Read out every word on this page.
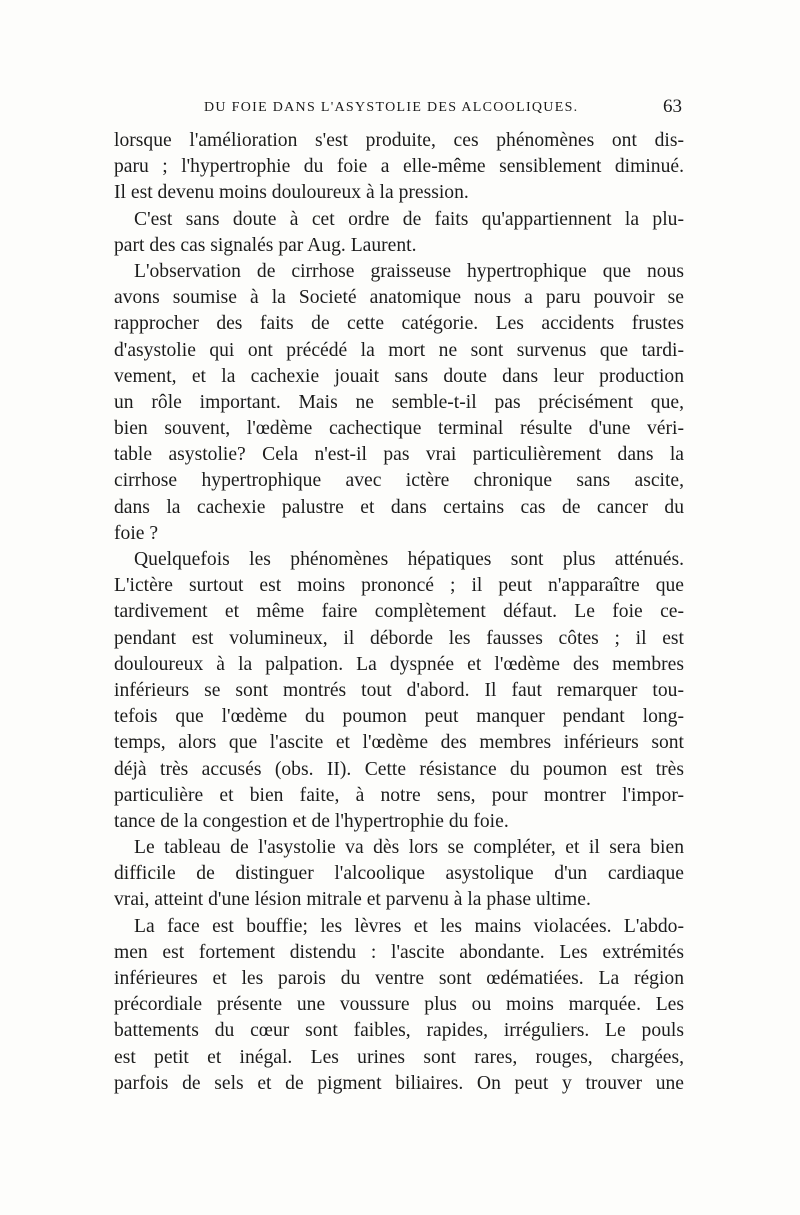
DU FOIE DANS L'ASYSTOLIE DES ALCOOLIQUES.	63
lorsque l'amélioration s'est produite, ces phénomènes ont dis-
paru ; l'hypertrophie du foie a elle-même sensiblement diminué.
Il est devenu moins douloureux à la pression.
C'est sans doute à cet ordre de faits qu'appartiennent la plu-
part des cas signalés par Aug. Laurent.
L'observation de cirrhose graisseuse hypertrophique que nous
avons soumise à la Societé anatomique nous a paru pouvoir se
rapprocher des faits de cette catégorie. Les accidents frustes
d'asystolie qui ont précédé la mort ne sont survenus que tardi-
vement, et la cachexie jouait sans doute dans leur production
un rôle important. Mais ne semble-t-il pas précisément que,
bien souvent, l'œdème cachectique terminal résulte d'une véri-
table asystolie? Cela n'est-il pas vrai particulièrement dans la
cirrhose hypertrophique avec ictère chronique sans ascite,
dans la cachexie palustre et dans certains cas de cancer du
foie ?
Quelquefois les phénomènes hépatiques sont plus atténués.
L'ictère surtout est moins prononcé ; il peut n'apparaître que
tardivement et même faire complètement défaut. Le foie ce-
pendant est volumineux, il déborde les fausses côtes ; il est
douloureux à la palpation. La dyspnée et l'œdème des membres
inférieurs se sont montrés tout d'abord. Il faut remarquer tou-
tefois que l'œdème du poumon peut manquer pendant long-
temps, alors que l'ascite et l'œdème des membres inférieurs sont
déjà très accusés (obs. II). Cette résistance du poumon est très
particulière et bien faite, à notre sens, pour montrer l'impor-
tance de la congestion et de l'hypertrophie du foie.
Le tableau de l'asystolie va dès lors se compléter, et il sera bien
difficile de distinguer l'alcoolique asystolique d'un cardiaque
vrai, atteint d'une lésion mitrale et parvenu à la phase ultime.
La face est bouffie; les lèvres et les mains violacées. L'abdo-
men est fortement distendu : l'ascite abondante. Les extrémités
inférieures et les parois du ventre sont œdématiées. La région
précordiale présente une voussure plus ou moins marquée. Les
battements du cœur sont faibles, rapides, irréguliers. Le pouls
est petit et inégal. Les urines sont rares, rouges, chargées,
parfois de sels et de pigment biliaires. On peut y trouver une
